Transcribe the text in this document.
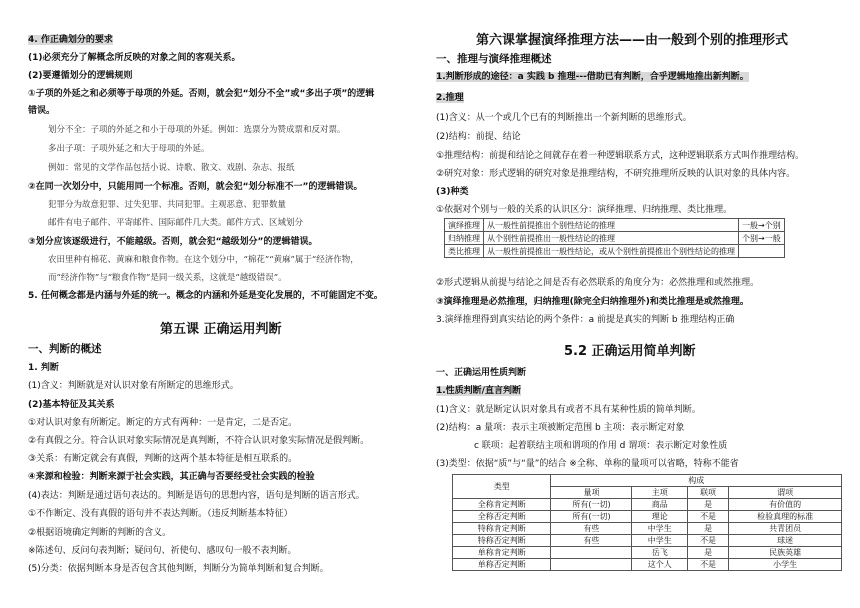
4. 作正确划分的要求
(1)必须充分了解概念所反映的对象之间的客观关系。
(2)要遵循划分的逻辑规则
①子项的外延之和必须等于母项的外延。否则，就会犯“划分不全”或“多出子项”的逻辑
错误。
划分不全：子项的外延之和小于母项的外延。例如：选票分为赞成票和反对票。
多出子项：子项外延之和大于母项的外延。
例如：常见的文学作品包括小说、诗歌、散文、戏剧、杂志、报纸
②在同一次划分中，只能用同一个标准。否则，就会犯“划分标准不一”的逻辑错误。
犯罪分为故意犯罪、过失犯罪、共同犯罪。主观恶意、犯罪数量
邮件有电子邮件、平寄邮件、国际邮件几大类。邮件方式、区域划分
③划分应该逐级进行，不能越级。否则，就会犯“越级划分”的逻辑错误。
农田里种有棉花、黄麻和粮食作物。在这个划分中，“棉花”“黄麻”属于“经济作物，
而“经济作物”与“粮食作物”是同一级关系，这就是“越级错误”。
5. 任何概念都是内涵与外延的统一。概念的内涵和外延是变化发展的，不可能固定不变。
第五课 正确运用判断
一、判断的概述
1. 判断
(1)含义：判断就是对认识对象有所断定的思维形式。
(2)基本特征及其关系
①对认识对象有所断定。断定的方式有两种：一是肯定，二是否定。
②有真假之分。符合认识对象实际情况是真判断，不符合认识对象实际情况是假判断。
③关系：有断定就会有真假，判断的这两个基本特征是相互联系的。
④来源和检验：判断来源于社会实践，其正确与否要经受社会实践的检验
(4)表达：判断是通过语句表达的。判断是语句的思想内容，语句是判断的语言形式。
①不作断定、没有真假的语句并不表达判断。（违反判断基本特征）
②根据语境确定判断的判断的含义。
※陈述句、反问句表判断；疑问句、祈使句、感叹句一般不表判断。
(5)分类：依据判断本身是否包含其他判断，判断分为简单判断和复合判断。
第六课掌握演绎推理方法——由一般到个别的推理形式
一、推理与演绎推理概述
1.判断形成的途径：a 实践 b 推理---借助已有判断，合乎逻辑地推出新判断。
2.推理
(1)含义：从一个或几个已有的判断推出一个新判断的思维形式。
(2)结构：前提、结论
①推理结构：前提和结论之间就存在着一种逻辑联系方式，这种逻辑联系方式叫作推理结构。
②研究对象：形式逻辑的研究对象是推理结构，不研究推理所反映的认识对象的具体内容。
(3)种类
①依据对个别与一般的关系的认识区分：演绎推理、归纳推理、类比推理。
演绎推理	从一般性前提推出个别性结论的推理	一般→个别
归纳推理	从个别性前提推出一般性结论的推理	个别→一般
类比推理	从一般性前提推出一般性结论，或从个别性前提推出个别性结论的推理	
②形式逻辑从前提与结论之间是否有必然联系的角度分为：必然推理和或然推理。
③演绎推理是必然推理，归纳推理(除完全归纳推理外)和类比推理是或然推理。
3.演绎推理得到真实结论的两个条件：a 前提是真实的判断 b 推理结构正确
5.2 正确运用简单判断
一、正确运用性质判断
1.性质判断/直言判断
(1)含义：就是断定认识对象具有或者不具有某种性质的简单判断。
(2)结构：a 量项：表示主项被断定范围 b 主项：表示断定对象
c 联项：起着联结主项和谓项的作用 d 谓项：表示断定对象性质
(3)类型：依据“质”与“量”的结合 ※全称、单称的量项可以省略，特称不能省
类型	构成			
	量项	主项	联项	谓项
全称肯定判断	所有(一切)	商品	是	有价值的
全称否定判断	所有(一切)	理论	不是	检验真理的标准
特称肯定判断	有些	中学生	是	共青团员
特称否定判断	有些	中学生	不是	球迷
单称肯定判断		岳飞	是	民族英雄
单称否定判断		这个人	不是	小学生
